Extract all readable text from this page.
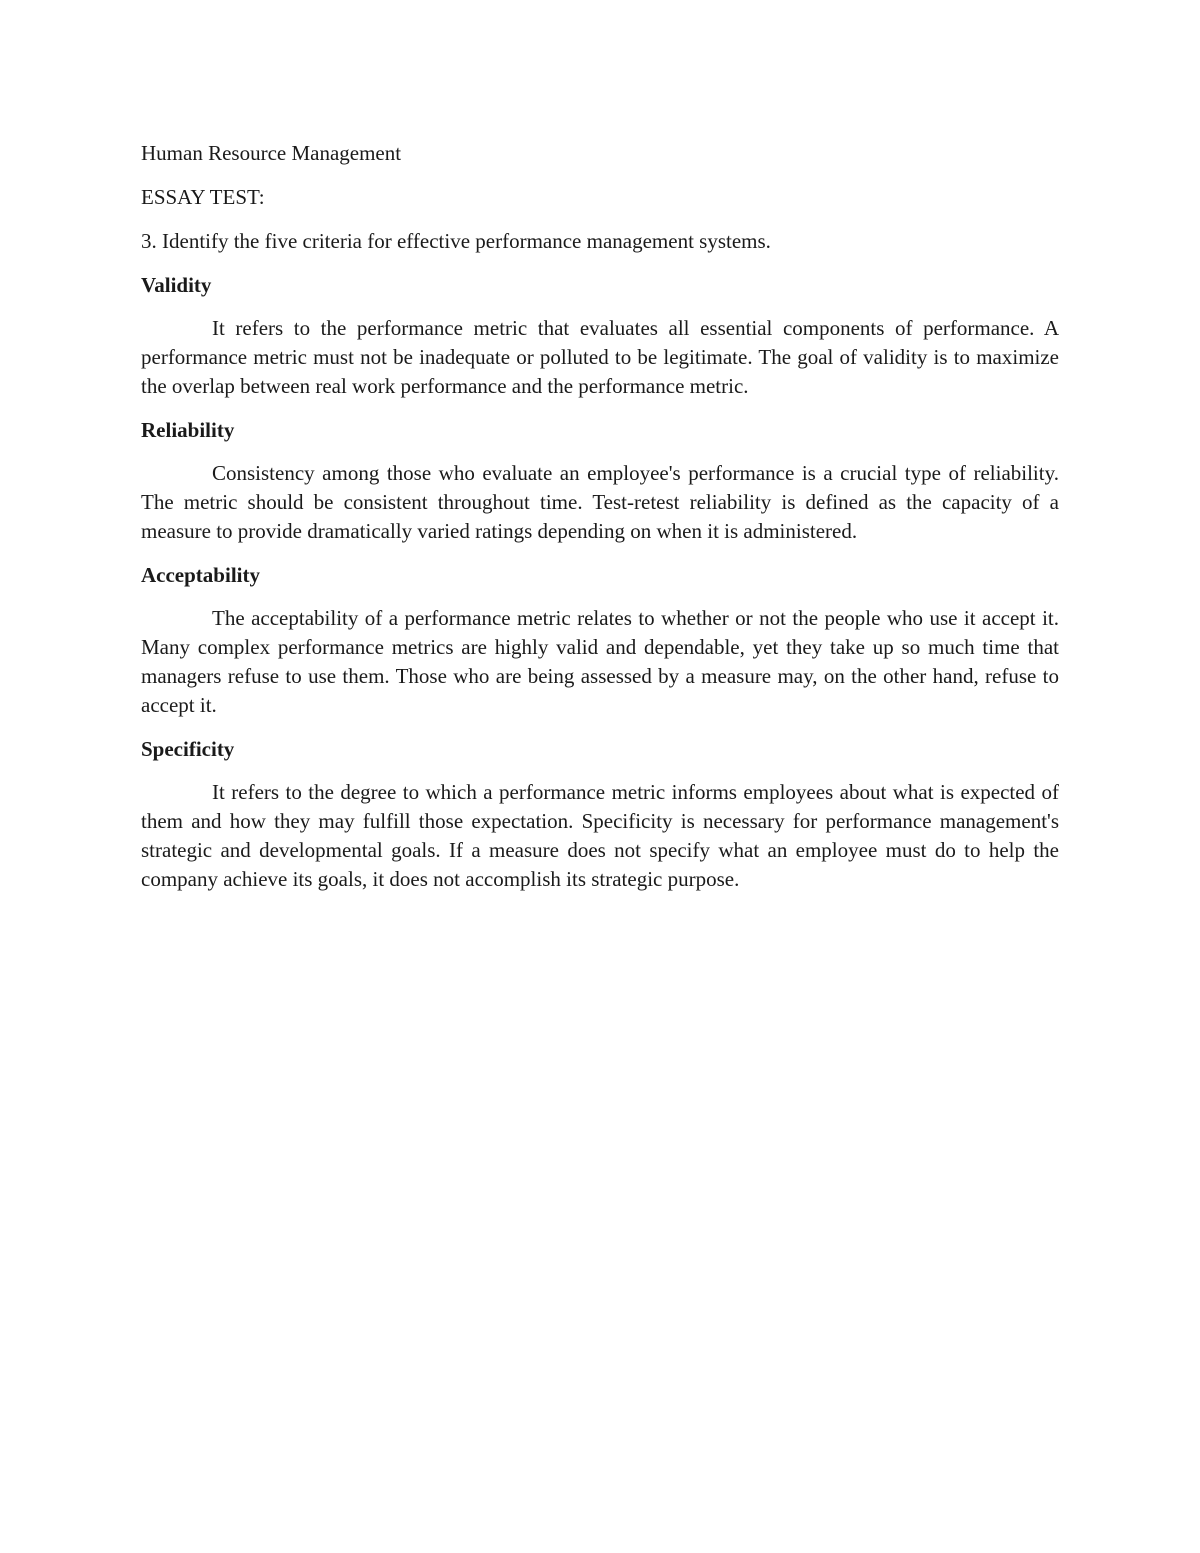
Human Resource Management

ESSAY TEST:

3. Identify the five criteria for effective performance management systems.

Validity

It refers to the performance metric that evaluates all essential components of performance. A performance metric must not be inadequate or polluted to be legitimate. The goal of validity is to maximize the overlap between real work performance and the performance metric.

Reliability

Consistency among those who evaluate an employee's performance is a crucial type of reliability. The metric should be consistent throughout time. Test-retest reliability is defined as the capacity of a measure to provide dramatically varied ratings depending on when it is administered.

Acceptability

The acceptability of a performance metric relates to whether or not the people who use it accept it. Many complex performance metrics are highly valid and dependable, yet they take up so much time that managers refuse to use them. Those who are being assessed by a measure may, on the other hand, refuse to accept it.

Specificity

It refers to the degree to which a performance metric informs employees about what is expected of them and how they may fulfill those expectation. Specificity is necessary for performance management's strategic and developmental goals. If a measure does not specify what an employee must do to help the company achieve its goals, it does not accomplish its strategic purpose.
